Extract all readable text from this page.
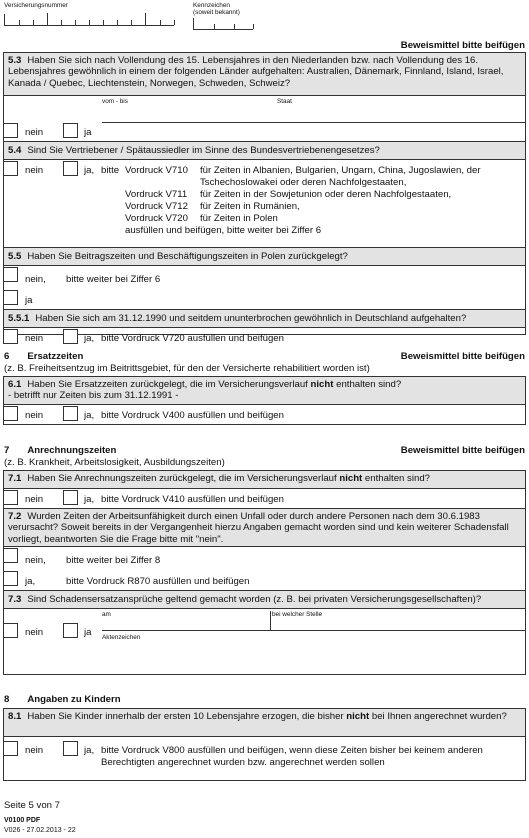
Versicherungsnummer	Kennzeichen
(soweit bekannt)
Beweismittel bitte beifügen
5.3 Haben Sie sich nach Vollendung des 15. Lebensjahres in den Niederlanden bzw. nach Vollendung des 16. Lebensjahres gewöhnlich in einem der folgenden Länder aufgehalten: Australien, Dänemark, Finnland, Island, Israel, Kanada / Quebec, Liechtenstein, Norwegen, Schweden, Schweiz?
vom - bis	Staat
nein	ja
5.4 Sind Sie Vertriebener / Spätaussiedler im Sinne des Bundesvertriebenengesetzes?
nein	ja, bitte Vordruck V710 für Zeiten in Albanien, Bulgarien, Ungarn, China, Jugoslawien, der
Tschechoslowakei oder deren Nachfolgestaaten,
Vordruck V711 für Zeiten in der Sowjetunion oder deren Nachfolgestaaten,
Vordruck V712 für Zeiten in Rumänien,
Vordruck V720 für Zeiten in Polen
ausfüllen und beifügen, bitte weiter bei Ziffer 6
5.5 Haben Sie Beitragszeiten und Beschäftigungszeiten in Polen zurückgelegt?
nein, bitte weiter bei Ziffer 6
ja
5.5.1 Haben Sie sich am 31.12.1990 und seitdem ununterbrochen gewöhnlich in Deutschland aufgehalten?
nein	ja, bitte Vordruck V720 ausfüllen und beifügen
6 Ersatzzeiten	Beweismittel bitte beifügen
(z. B. Freiheitsentzug im Beitrittsgebiet, für den der Versicherte rehabilitiert worden ist)
6.1 Haben Sie Ersatzzeiten zurückgelegt, die im Versicherungsverlauf nicht enthalten sind?
- betrifft nur Zeiten bis zum 31.12.1991 -
nein	ja, bitte Vordruck V400 ausfüllen und beifügen
7 Anrechnungszeiten	Beweismittel bitte beifügen
(z. B. Krankheit, Arbeitslosigkeit, Ausbildungszeiten)
7.1 Haben Sie Anrechnungszeiten zurückgelegt, die im Versicherungsverlauf nicht enthalten sind?
nein	ja, bitte Vordruck V410 ausfüllen und beifügen
7.2 Wurden Zeiten der Arbeitsunfähigkeit durch einen Unfall oder durch andere Personen nach dem 30.6.1983 verursacht? Soweit bereits in der Vergangenheit hierzu Angaben gemacht worden sind und kein weiterer Schadensfall vorliegt, beantworten Sie die Frage bitte mit "nein".
nein, bitte weiter bei Ziffer 8
ja,	bitte Vordruck R870 ausfüllen und beifügen
7.3 Sind Schadensersatzansprüche geltend gemacht worden (z. B. bei privaten Versicherungsgesellschaften)?
am	bei welcher Stelle
nein	ja Aktenzeichen
8 Angaben zu Kindern
8.1 Haben Sie Kinder innerhalb der ersten 10 Lebensjahre erzogen, die bisher nicht bei Ihnen angerechnet wurden?
nein	ja, bitte Vordruck V800 ausfüllen und beifügen, wenn diese Zeiten bisher bei keinem anderen
Berechtigten angerechnet wurden bzw. angerechnet werden sollen
Seite 5 von 7
V0100 PDF
V026 - 27.02.2013 - 22
